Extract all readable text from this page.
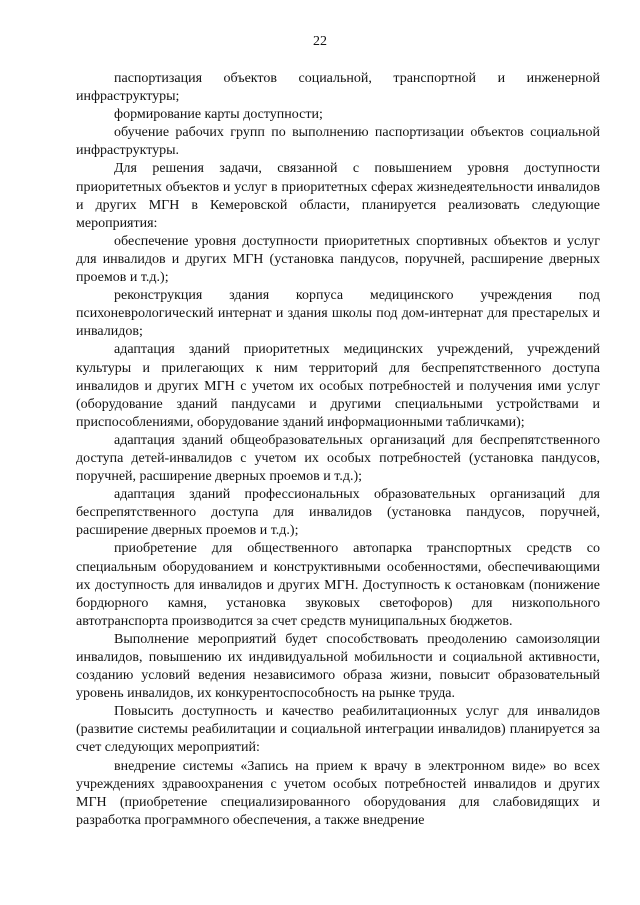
22

паспортизация объектов социальной, транспортной и инженерной инфраструктуры;

формирование карты доступности;

обучение рабочих групп по выполнению паспортизации объектов социальной инфраструктуры.

Для решения задачи, связанной с повышением уровня доступности приоритетных объектов и услуг в приоритетных сферах жизнедеятельности инвалидов и других МГН в Кемеровской области, планируется реализовать следующие мероприятия:

обеспечение уровня доступности приоритетных спортивных объектов и услуг для инвалидов и других МГН (установка пандусов, поручней, расширение дверных проемов и т.д.);

реконструкция здания корпуса медицинского учреждения под психоневрологический интернат и здания школы под дом-интернат для престарелых и инвалидов;

адаптация зданий приоритетных медицинских учреждений, учреждений культуры и прилегающих к ним территорий для беспрепятственного доступа инвалидов и других МГН с учетом их особых потребностей и получения ими услуг (оборудование зданий пандусами и другими специальными устройствами и приспособлениями, оборудование зданий информационными табличками);

адаптация зданий общеобразовательных организаций для беспрепятственного доступа детей-инвалидов с учетом их особых потребностей (установка пандусов, поручней, расширение дверных проемов и т.д.);

адаптация зданий профессиональных образовательных организаций для беспрепятственного доступа для инвалидов (установка пандусов, поручней, расширение дверных проемов и т.д.);

приобретение для общественного автопарка транспортных средств со специальным оборудованием и конструктивными особенностями, обеспечивающими их доступность для инвалидов и других МГН. Доступность к остановкам (понижение бордюрного камня, установка звуковых светофоров) для низкопольного автотранспорта производится за счет средств муниципальных бюджетов.

Выполнение мероприятий будет способствовать преодолению самоизоляции инвалидов, повышению их индивидуальной мобильности и социальной активности, созданию условий ведения независимого образа жизни, повысит образовательный уровень инвалидов, их конкурентоспособность на рынке труда.

Повысить доступность и качество реабилитационных услуг для инвалидов (развитие системы реабилитации и социальной интеграции инвалидов) планируется за счет следующих мероприятий:

внедрение системы «Запись на прием к врачу в электронном виде» во всех учреждениях здравоохранения с учетом особых потребностей инвалидов и других МГН (приобретение специализированного оборудования для слабовидящих и разработка программного обеспечения, а также внедрение
